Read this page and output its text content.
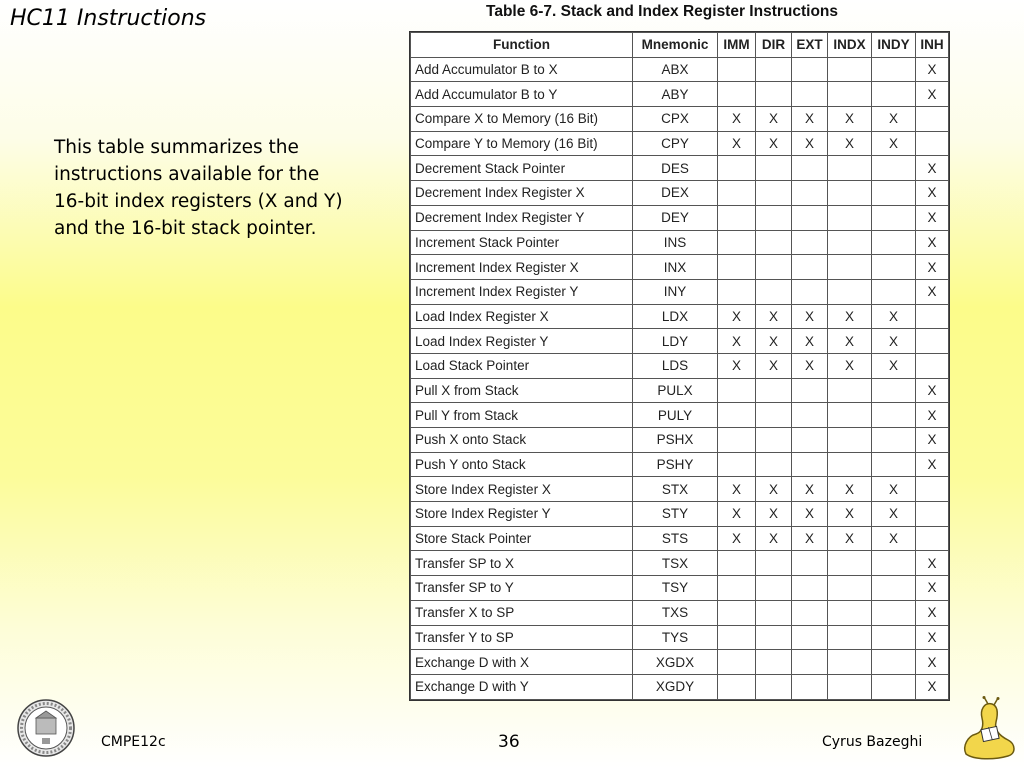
HC11 Instructions
This table summarizes the instructions available for the 16-bit index registers (X and Y) and the 16-bit stack pointer.
Table 6-7. Stack and Index Register Instructions
Function	Mnemonic	IMM	DIR	EXT	INDX	INDY	INH
Add Accumulator B to X	ABX						X
Add Accumulator B to Y	ABY						X
Compare X to Memory (16 Bit)	CPX	X	X	X	X	X	
Compare Y to Memory (16 Bit)	CPY	X	X	X	X	X	
Decrement Stack Pointer	DES						X
Decrement Index Register X	DEX						X
Decrement Index Register Y	DEY						X
Increment Stack Pointer	INS						X
Increment Index Register X	INX						X
Increment Index Register Y	INY						X
Load Index Register X	LDX	X	X	X	X	X	
Load Index Register Y	LDY	X	X	X	X	X	
Load Stack Pointer	LDS	X	X	X	X	X	
Pull X from Stack	PULX						X
Pull Y from Stack	PULY						X
Push X onto Stack	PSHX						X
Push Y onto Stack	PSHY						X
Store Index Register X	STX	X	X	X	X	X	
Store Index Register Y	STY	X	X	X	X	X	
Store Stack Pointer	STS	X	X	X	X	X	
Transfer SP to X	TSX						X
Transfer SP to Y	TSY						X
Transfer X to SP	TXS						X
Transfer Y to SP	TYS						X
Exchange D with X	XGDX						X
Exchange D with Y	XGDY						X
CMPE12c	36	Cyrus Bazeghi
